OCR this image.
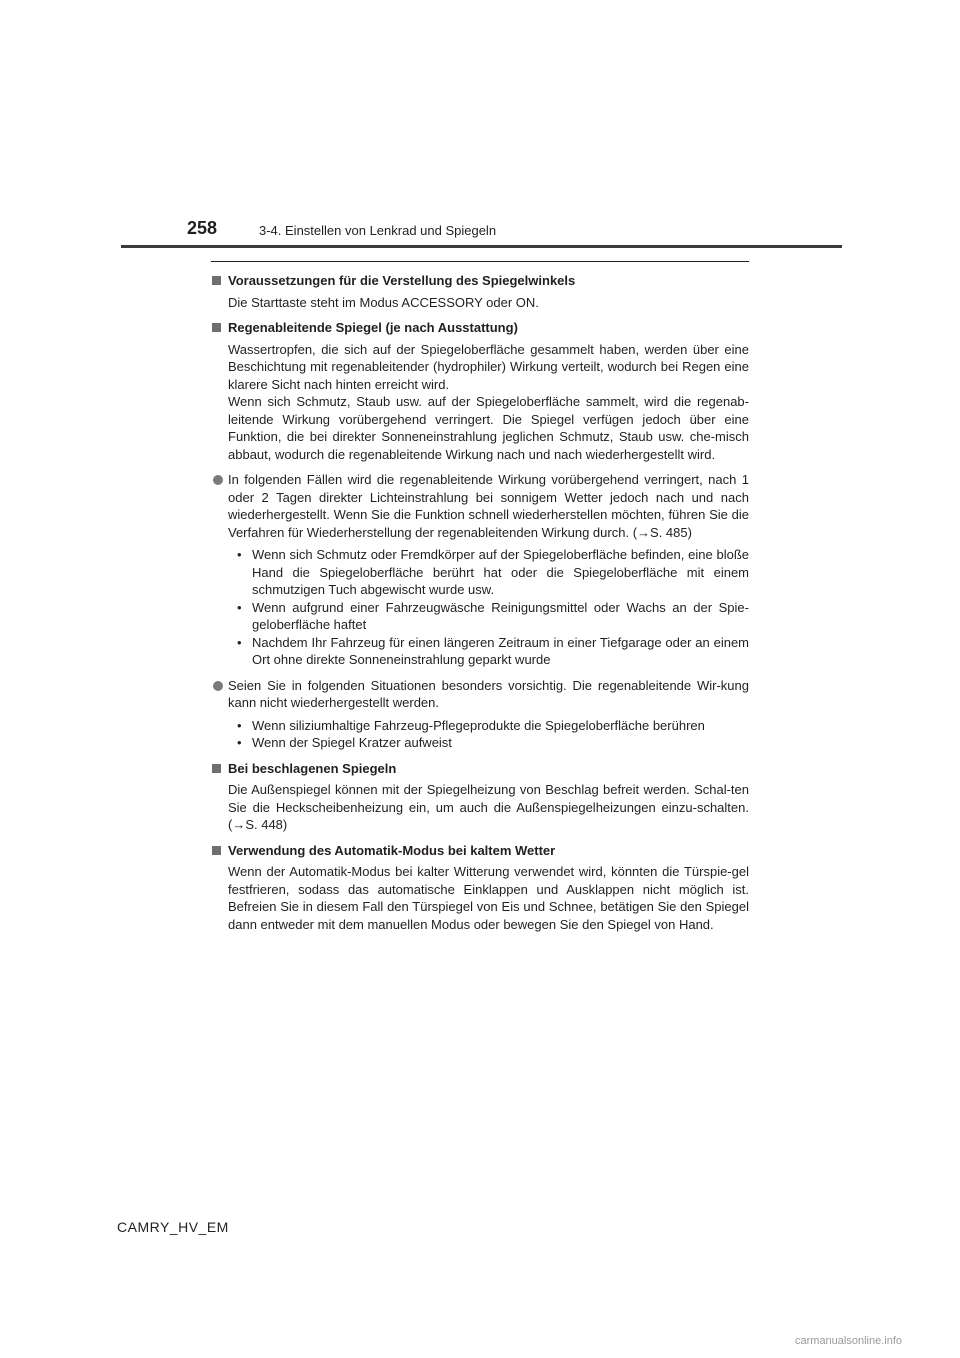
258	3-4. Einstellen von Lenkrad und Spiegeln
Voraussetzungen für die Verstellung des Spiegelwinkels

Die Starttaste steht im Modus ACCESSORY oder ON.

Regenableitende Spiegel (je nach Ausstattung)

Wassertropfen, die sich auf der Spiegeloberfläche gesammelt haben, werden über eine Beschichtung mit regenableitender (hydrophiler) Wirkung verteilt, wodurch bei Regen eine klarere Sicht nach hinten erreicht wird.

Wenn sich Schmutz, Staub usw. auf der Spiegeloberfläche sammelt, wird die regenab-leitende Wirkung vorübergehend verringert. Die Spiegel verfügen jedoch über eine Funktion, die bei direkter Sonneneinstrahlung jeglichen Schmutz, Staub usw. che-misch abbaut, wodurch die regenableitende Wirkung nach und nach wiederhergestellt wird.

In folgenden Fällen wird die regenableitende Wirkung vorübergehend verringert, nach 1 oder 2 Tagen direkter Lichteinstrahlung bei sonnigem Wetter jedoch nach und nach wiederhergestellt. Wenn Sie die Funktion schnell wiederherstellen möchten, führen Sie die Verfahren für Wiederherstellung der regenableitenden Wirkung durch. (→S. 485)
• Wenn sich Schmutz oder Fremdkörper auf der Spiegeloberfläche befinden, eine bloße Hand die Spiegeloberfläche berührt hat oder die Spiegeloberfläche mit einem schmutzigen Tuch abgewischt wurde usw.
• Wenn aufgrund einer Fahrzeugwäsche Reinigungsmittel oder Wachs an der Spie-geloberfläche haftet
• Nachdem Ihr Fahrzeug für einen längeren Zeitraum in einer Tiefgarage oder an einem Ort ohne direkte Sonneneinstrahlung geparkt wurde
Seien Sie in folgenden Situationen besonders vorsichtig. Die regenableitende Wir-kung kann nicht wiederhergestellt werden.
• Wenn siliziumhaltige Fahrzeug-Pflegeprodukte die Spiegeloberfläche berühren
• Wenn der Spiegel Kratzer aufweist
Bei beschlagenen Spiegeln

Die Außenspiegel können mit der Spiegelheizung von Beschlag befreit werden. Schal-ten Sie die Heckscheibenheizung ein, um auch die Außenspiegelheizungen einzu-schalten. (→S. 448)

Verwendung des Automatik-Modus bei kaltem Wetter

Wenn der Automatik-Modus bei kalter Witterung verwendet wird, könnten die Türspie-gel festfrieren, sodass das automatische Einklappen und Ausklappen nicht möglich ist. Befreien Sie in diesem Fall den Türspiegel von Eis und Schnee, betätigen Sie den Spiegel dann entweder mit dem manuellen Modus oder bewegen Sie den Spiegel von Hand.

CAMRY_HV_EM
carmanualsonline.info
